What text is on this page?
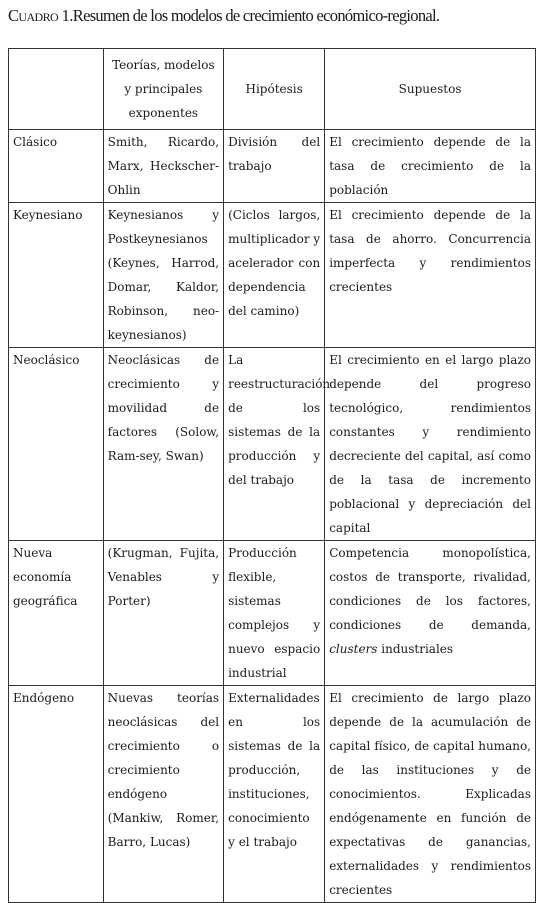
Cuadro 1.Resumen de los modelos de crecimiento económico-regional.
	Teorías, modelos y principales exponentes	Hipótesis	Supuestos
Clásico	Smith, Ricardo, Marx, Heckscher-Ohlin	División del trabajo	El crecimiento depende de la tasa de crecimiento de la población
Keynesiano	Keynesianos y Postkeynesianos (Keynes, Harrod, Domar, Kaldor, Robinson, neo-keynesianos)	(Ciclos largos, multiplicador y acelerador con dependencia del camino)	El crecimiento depende de la tasa de ahorro. Concurrencia imperfecta y rendimientos crecientes
Neoclásico	Neoclásicas de crecimiento y movilidad de factores (Solow, Ram-sey, Swan)	La reestructuración de los sistemas de la producción y del trabajo	El crecimiento en el largo plazo depende del progreso tecnológico, rendimientos constantes y rendimiento decreciente del capital, así como de la tasa de incremento poblacional y depreciación del capital
Nueva economía geográfica	(Krugman, Fujita, Venables y Porter)	Producción flexible, sistemas complejos y nuevo espacio industrial	Competencia monopolística, costos de transporte, rivalidad, condiciones de los factores, condiciones de demanda, clusters industriales
Endógeno	Nuevas teorías neoclásicas del crecimiento o crecimiento endógeno (Mankiw, Romer, Barro, Lucas)	Externalidades en los sistemas de la producción, instituciones, conocimiento y el trabajo	El crecimiento de largo plazo depende de la acumulación de capital físico, de capital humano, de las instituciones y de conocimientos. Explicadas endógenamente en función de expectativas de ganancias, externalidades y rendimientos crecientes
